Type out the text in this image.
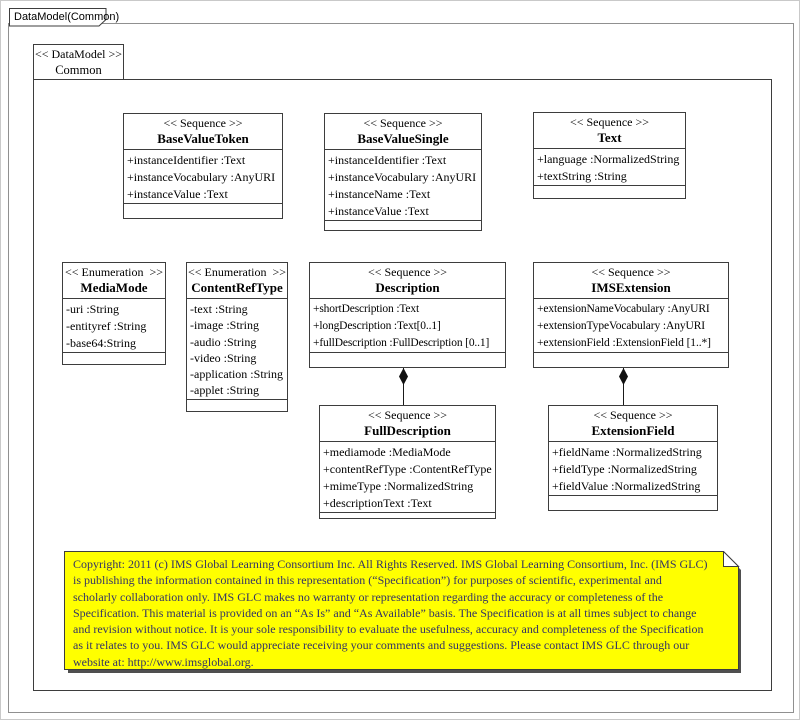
DataModel(Common)
<< DataModel >>
Common
<< Sequence >>
BaseValueToken
+instanceIdentifier :Text
+instanceVocabulary :AnyURI
+instanceValue :Text
<< Sequence >>
BaseValueSingle
+instanceIdentifier :Text
+instanceVocabulary :AnyURI
+instanceName :Text
+instanceValue :Text
<< Sequence >>
Text
+language :NormalizedString
+textString :String
<< Enumeration  >>
MediaMode
-uri :String
-entityref :String
-base64:String
<< Enumeration  >>
ContentRefType
-text :String
-image :String
-audio :String
-video :String
-application :String
-applet :String
<< Sequence >>
Description
+shortDescription :Text
+longDescription :Text[0..1]
+fullDescription :FullDescription [0..1]
<< Sequence >>
IMSExtension
+extensionNameVocabulary :AnyURI
+extensionTypeVocabulary :AnyURI
+extensionField :ExtensionField [1..*]
<< Sequence >>
FullDescription
+mediamode :MediaMode
+contentRefType :ContentRefType
+mimeType :NormalizedString
+descriptionText :Text
<< Sequence >>
ExtensionField
+fieldName :NormalizedString
+fieldType :NormalizedString
+fieldValue :NormalizedString
Copyright: 2011 (c) IMS Global Learning Consortium Inc. All Rights Reserved. IMS Global Learning Consortium, Inc. (IMS GLC)
is publishing the information contained in this representation (“Specification”) for purposes of scientific, experimental and
scholarly collaboration only. IMS GLC makes no warranty or representation regarding the accuracy or completeness of the
Specification. This material is provided on an “As Is” and “As Available” basis. The Specification is at all times subject to change
and revision without notice. It is your sole responsibility to evaluate the usefulness, accuracy and completeness of the Specification
as it relates to you. IMS GLC would appreciate receiving your comments and suggestions. Please contact IMS GLC through our
website at: http://www.imsglobal.org.
